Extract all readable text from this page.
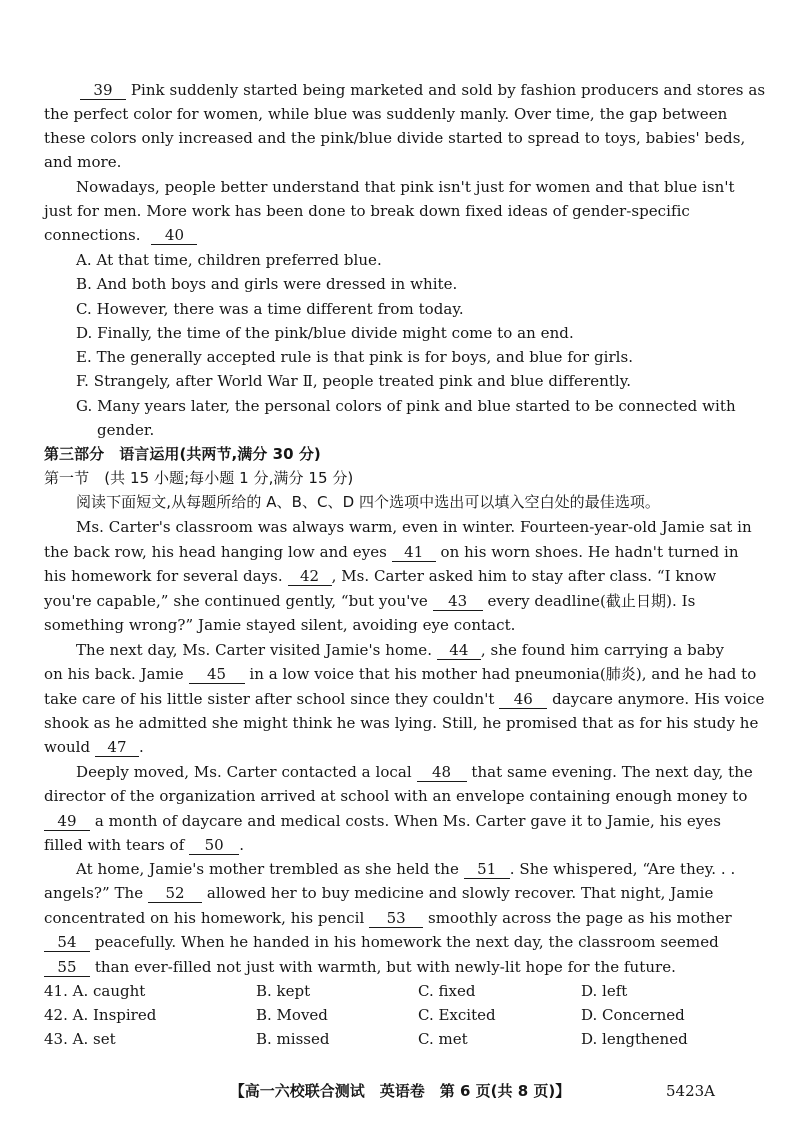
39 Pink suddenly started being marketed and sold by fashion producers and stores as
the perfect color for women, while blue was suddenly manly. Over time, the gap between
these colors only increased and the pink/blue divide started to spread to toys, babies' beds,
and more.
Nowadays, people better understand that pink isn't just for women and that blue isn't
just for men. More work has been done to break down fixed ideas of gender-specific
connections. 40
A. At that time, children preferred blue.
B. And both boys and girls were dressed in white.
C. However, there was a time different from today.
D. Finally, the time of the pink/blue divide might come to an end.
E. The generally accepted rule is that pink is for boys, and blue for girls.
F. Strangely, after World War Ⅱ, people treated pink and blue differently.
G. Many years later, the personal colors of pink and blue started to be connected with
gender.
第三部分　语言运用(共两节,满分 30 分)
第一节　(共 15 小题;每小题 1 分,满分 15 分)
阅读下面短文,从每题所给的 A、B、C、D 四个选项中选出可以填入空白处的最佳选项。
Ms. Carter's classroom was always warm, even in winter. Fourteen-year-old Jamie sat in
the back row, his head hanging low and eyes 41 on his worn shoes. He hadn't turned in
his homework for several days. 42 , Ms. Carter asked him to stay after class. “I know
you're capable,” she continued gently, “but you've 43 every deadline(截止日期). Is
something wrong?” Jamie stayed silent, avoiding eye contact.
The next day, Ms. Carter visited Jamie's home. 44 , she found him carrying a baby
on his back. Jamie 45 in a low voice that his mother had pneumonia(肺炎), and he had to
take care of his little sister after school since they couldn't 46 daycare anymore. His voice
shook as he admitted she might think he was lying. Still, he promised that as for his study he
would 47 .
Deeply moved, Ms. Carter contacted a local 48 that same evening. The next day, the
director of the organization arrived at school with an envelope containing enough money to
49 a month of daycare and medical costs. When Ms. Carter gave it to Jamie, his eyes
filled with tears of 50 .
At home, Jamie's mother trembled as she held the 51 . She whispered, “Are they. . .
angels?” The 52 allowed her to buy medicine and slowly recover. That night, Jamie
concentrated on his homework, his pencil 53 smoothly across the page as his mother
54 peacefully. When he handed in his homework the next day, the classroom seemed
55 than ever-filled not just with warmth, but with newly-lit hope for the future.
41. A. caught	B. kept	C. fixed	D. left
42. A. Inspired	B. Moved	C. Excited	D. Concerned
43. A. set	B. missed	C. met	D. lengthened
【高一六校联合测试　英语卷　第 6 页(共 8 页)】	5423A
